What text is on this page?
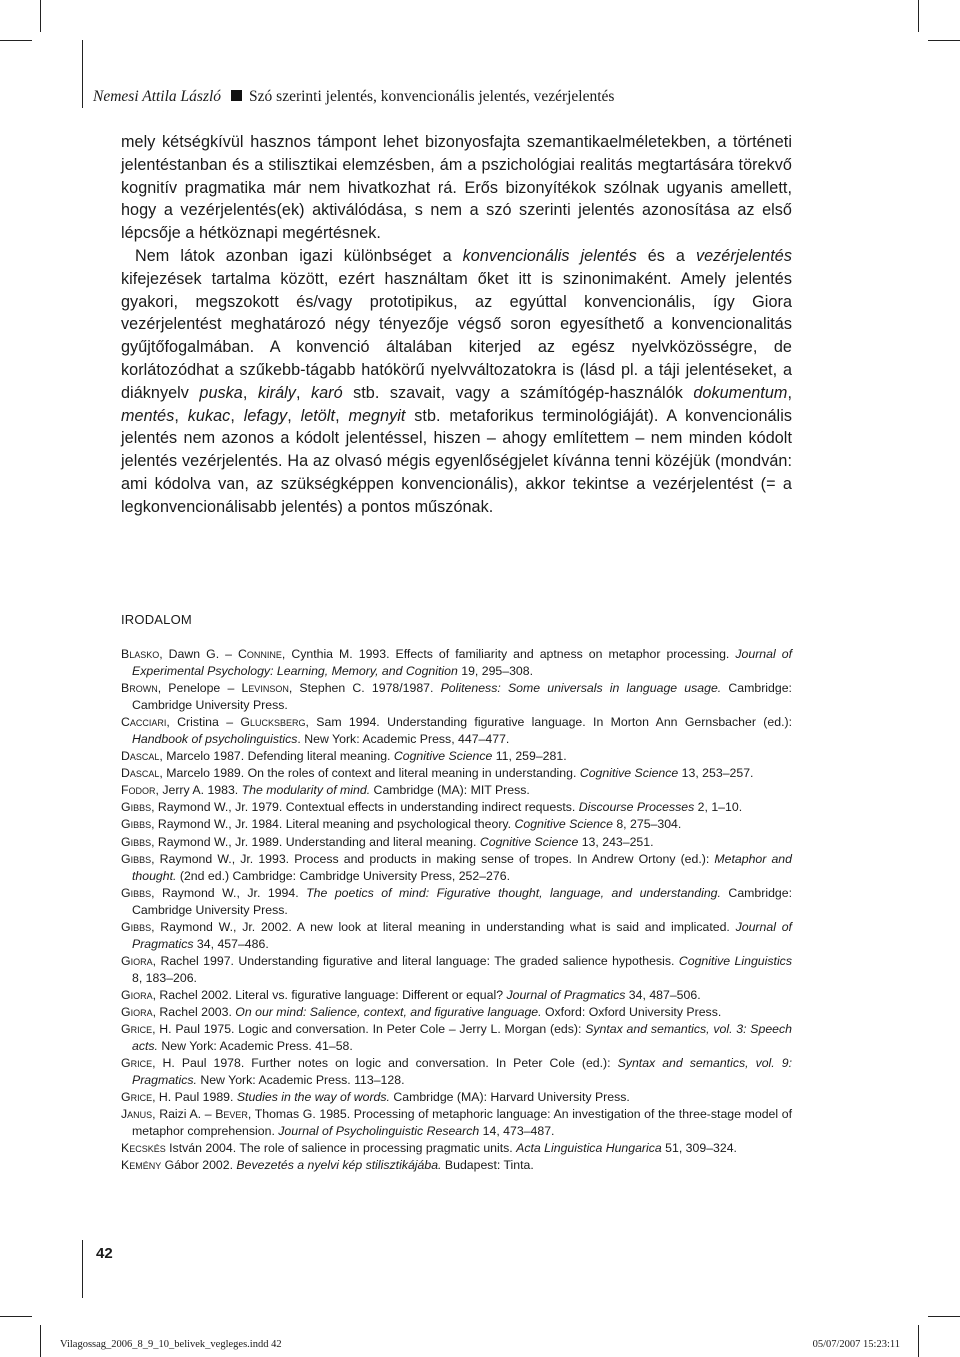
Nemesi Attila László Szó szerinti jelentés, konvencionális jelentés, vezérjelentés

mely kétségkívül hasznos támpont lehet bizonyosfajta szemantikaelméletekben, a történeti jelentéstanban és a stilisztikai elemzésben, ám a pszichológiai realitás megtartására törekvő kognitív pragmatika már nem hivatkozhat rá. Erős bizonyítékok szólnak ugyanis amellett, hogy a vezérjelentés(ek) aktiválódása, s nem a szó szerinti jelentés azonosítása az első lépcsője a hétköznapi megértésnek.

Nem látok azonban igazi különbséget a konvencionális jelentés és a vezérjelentés kifejezések tartalma között, ezért használtam őket itt is szinonimaként. Amely jelentés gyakori, megszokott és/vagy prototipikus, az egyúttal konvencionális, így Giora vezérjelentést meghatározó négy tényezője végső soron egyesíthető a konvencionalitás gyűjtőfogalmában. A konvenció általában kiterjed az egész nyelvközösségre, de korlátozódhat a szűkebb-tágabb hatókörű nyelvváltozatokra is (lásd pl. a táji jelentéseket, a diáknyelv puska, király, karó stb. szavait, vagy a számítógép-használók dokumentum, mentés, kukac, lefagy, letölt, megnyit stb. metaforikus terminológiáját). A konvencionális jelentés nem azonos a kódolt jelentéssel, hiszen – ahogy említettem – nem minden kódolt jelentés vezérjelentés. Ha az olvasó mégis egyenlőségjelet kívánna tenni közéjük (mondván: ami kódolva van, az szükségképpen konvencionális), akkor tekintse a vezérjelentést (= a legkonvencionálisabb jelentés) a pontos műszónak.

IRODALOM
Blasko, Dawn G. – Connine, Cynthia M. 1993. Effects of familiarity and aptness on metaphor processing. Journal of Experimental Psychology: Learning, Memory, and Cognition 19, 295–308.
Brown, Penelope – Levinson, Stephen C. 1978/1987. Politeness: Some universals in language usage. Cambridge: Cambridge University Press.
Cacciari, Cristina – Glucksberg, Sam 1994. Understanding figurative language. In Morton Ann Gernsbacher (ed.): Handbook of psycholinguistics. New York: Academic Press, 447–477.
Dascal, Marcelo 1987. Defending literal meaning. Cognitive Science 11, 259–281.
Dascal, Marcelo 1989. On the roles of context and literal meaning in understanding. Cognitive Science 13, 253–257.
Fodor, Jerry A. 1983. The modularity of mind. Cambridge (MA): MIT Press.
Gibbs, Raymond W., Jr. 1979. Contextual effects in understanding indirect requests. Discourse Processes 2, 1–10.
Gibbs, Raymond W., Jr. 1984. Literal meaning and psychological theory. Cognitive Science 8, 275–304.
Gibbs, Raymond W., Jr. 1989. Understanding and literal meaning. Cognitive Science 13, 243–251.
Gibbs, Raymond W., Jr. 1993. Process and products in making sense of tropes. In Andrew Ortony (ed.): Metaphor and thought. (2nd ed.) Cambridge: Cambridge University Press, 252–276.
Gibbs, Raymond W., Jr. 1994. The poetics of mind: Figurative thought, language, and understanding. Cambridge: Cambridge University Press.
Gibbs, Raymond W., Jr. 2002. A new look at literal meaning in understanding what is said and implicated. Journal of Pragmatics 34, 457–486.
Giora, Rachel 1997. Understanding figurative and literal language: The graded salience hypothesis. Cognitive Linguistics 8, 183–206.
Giora, Rachel 2002. Literal vs. figurative language: Different or equal? Journal of Pragmatics 34, 487–506.
Giora, Rachel 2003. On our mind: Salience, context, and figurative language. Oxford: Oxford University Press.
Grice, H. Paul 1975. Logic and conversation. In Peter Cole – Jerry L. Morgan (eds): Syntax and semantics, vol. 3: Speech acts. New York: Academic Press. 41–58.
Grice, H. Paul 1978. Further notes on logic and conversation. In Peter Cole (ed.): Syntax and semantics, vol. 9: Pragmatics. New York: Academic Press. 113–128.
Grice, H. Paul 1989. Studies in the way of words. Cambridge (MA): Harvard University Press.
Janus, Raizi A. – Bever, Thomas G. 1985. Processing of metaphoric language: An investigation of the three-stage model of metaphor comprehension. Journal of Psycholinguistic Research 14, 473–487.
Kecskés István 2004. The role of salience in processing pragmatic units. Acta Linguistica Hungarica 51, 309–324.
Kemény Gábor 2002. Bevezetés a nyelvi kép stilisztikájába. Budapest: Tinta.
42
Vilagossag_2006_8_9_10_belivek_vegleges.indd 42	05/07/2007 15:23:11
